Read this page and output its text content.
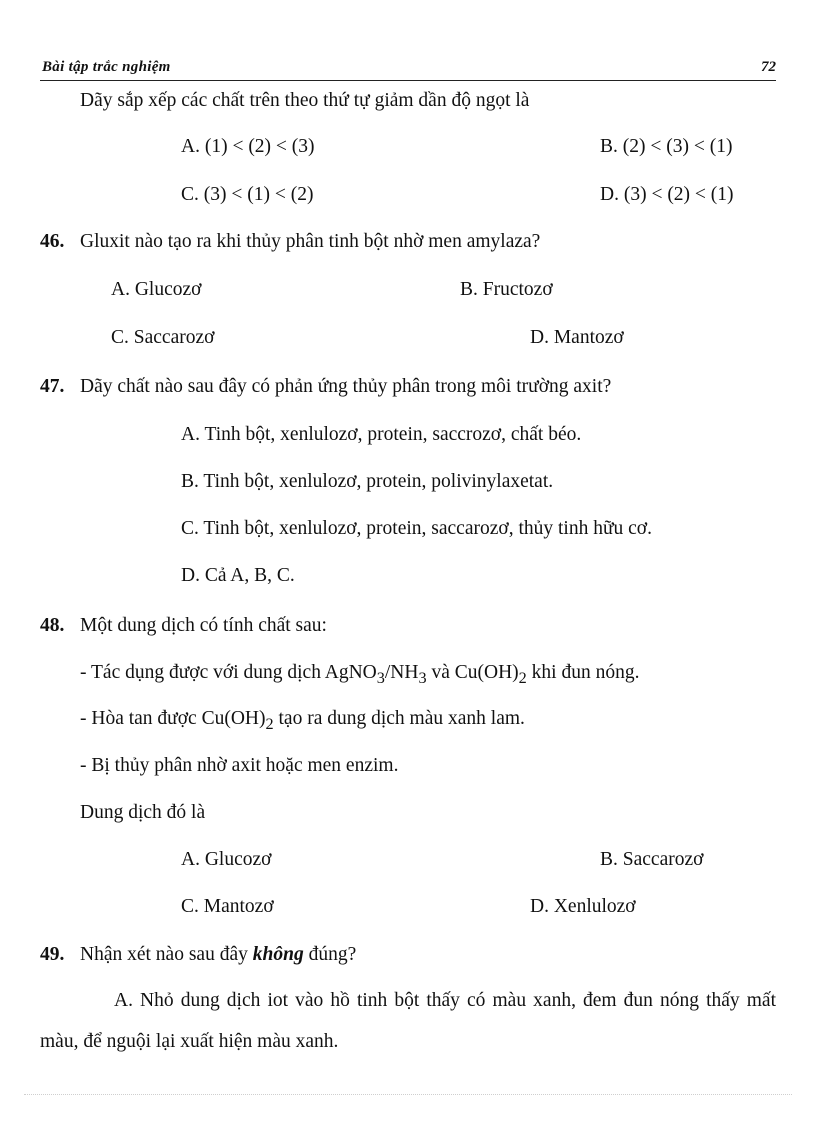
Bài tập trắc nghiệm	72
Dãy sắp xếp các chất trên theo thứ tự giảm dần độ ngọt là
A. (1) < (2) < (3)	B. (2) < (3) < (1)
C. (3) < (1) < (2)	D. (3) < (2) < (1)
46. Gluxit nào tạo ra khi thủy phân tinh bột nhờ men amylaza?
A. Glucozơ	B. Fructozơ
C. Saccarozơ	D. Mantozơ
47. Dãy chất nào sau đây có phản ứng thủy phân trong môi trường axit?
A. Tinh bột, xenlulozơ, protein, saccrozơ, chất béo.
B. Tinh bột, xenlulozơ, protein, polivinylaxetat.
C. Tinh bột, xenlulozơ, protein, saccarozơ, thủy tinh hữu cơ.
D. Cả A, B, C.
48. Một dung dịch có tính chất sau:
- Tác dụng được với dung dịch $AgNO_3/NH_3$ và $Cu(OH)_2$ khi đun nóng.
- Hòa tan được $Cu(OH)_2$ tạo ra dung dịch màu xanh lam.
- Bị thủy phân nhờ axit hoặc men enzim.
Dung dịch đó là
A. Glucozơ	B. Saccarozơ
C. Mantozơ	D. Xenlulozơ
49. Nhận xét nào sau đây không đúng?
A. Nhỏ dung dịch iot vào hồ tinh bột thấy có màu xanh, đem đun nóng thấy mất màu, để nguội lại xuất hiện màu xanh.
